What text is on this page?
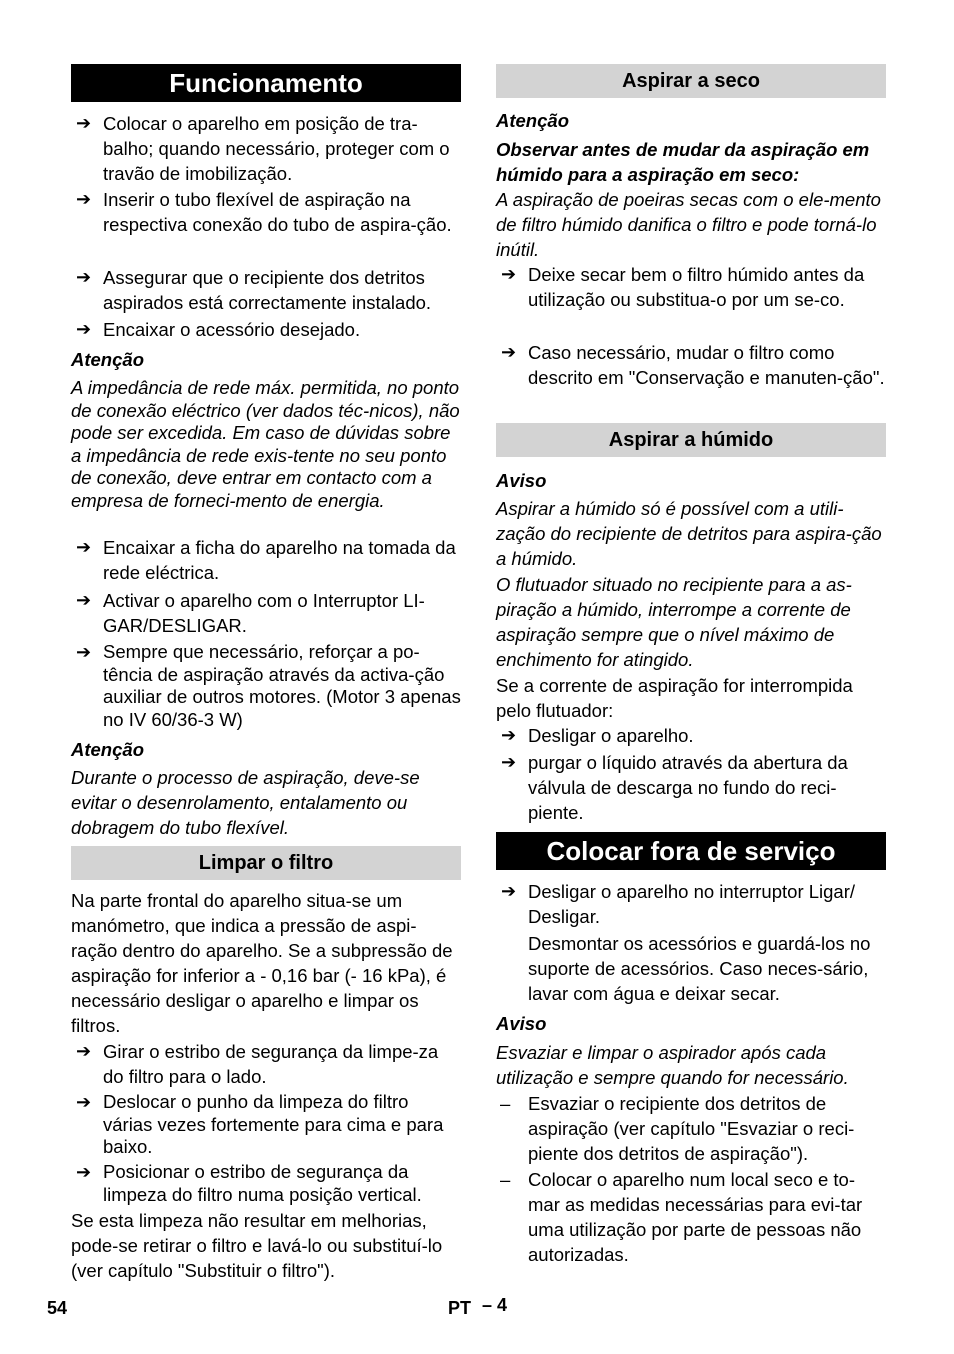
Funcionamento
➔ Colocar o aparelho em posição de tra-balho; quando necessário, proteger com o travão de imobilização.
➔ Inserir o tubo flexível de aspiração na respectiva conexão do tubo de aspira-ção.
➔ Assegurar que o recipiente dos detritos aspirados está correctamente instalado.
➔ Encaixar o acessório desejado.
Atenção
A impedância de rede máx. permitida, no ponto de conexão eléctrico (ver dados téc-nicos), não pode ser excedida. Em caso de dúvidas sobre a impedância de rede exis-tente no seu ponto de conexão, deve entrar em contacto com a empresa de forneci-mento de energia.
➔ Encaixar a ficha do aparelho na tomada da rede eléctrica.
➔ Activar o aparelho com o Interruptor LI-GAR/DESLIGAR.
➔ Sempre que necessário, reforçar a po-tência de aspiração através da activa-ção auxiliar de outros motores. (Motor 3 apenas no IV 60/36-3 W)
Atenção
Durante o processo de aspiração, deve-se evitar o desenrolamento, entalamento ou dobragem do tubo flexível.
Limpar o filtro
Na parte frontal do aparelho situa-se um manómetro, que indica a pressão de aspi-ração dentro do aparelho. Se a subpressão de aspiração for inferior a - 0,16 bar (- 16 kPa), é necessário desligar o aparelho e limpar os filtros.
➔ Girar o estribo de segurança da limpe-za do filtro para o lado.
➔ Deslocar o punho da limpeza do filtro várias vezes fortemente para cima e para baixo.
➔ Posicionar o estribo de segurança da limpeza do filtro numa posição vertical.
Se esta limpeza não resultar em melhorias, pode-se retirar o filtro e lavá-lo ou substituí-lo (ver capítulo "Substituir o filtro").
Aspirar a seco
Atenção
Observar antes de mudar da aspiração em húmido para a aspiração em seco:
A aspiração de poeiras secas com o ele-mento de filtro húmido danifica o filtro e pode torná-lo inútil.
➔ Deixe secar bem o filtro húmido antes da utilização ou substitua-o por um se-co.
➔ Caso necessário, mudar o filtro como descrito em "Conservação e manuten-ção".
Aspirar a húmido
Aviso
Aspirar a húmido só é possível com a utili-zação do recipiente de detritos para aspira-ção a húmido.
O flutuador situado no recipiente para a as-piração a húmido, interrompe a corrente de aspiração sempre que o nível máximo de enchimento for atingido.
Se a corrente de aspiração for interrompida pelo flutuador:
➔ Desligar o aparelho.
➔ purgar o líquido através da abertura da válvula de descarga no fundo do reci-piente.
Colocar fora de serviço
➔ Desligar o aparelho no interruptor Ligar/ Desligar.
Desmontar os acessórios e guardá-los no suporte de acessórios. Caso neces-sário, lavar com água e deixar secar.
Aviso
Esvaziar e limpar o aspirador após cada utilização e sempre quando for necessário.
– Esvaziar o recipiente dos detritos de aspiração (ver capítulo "Esvaziar o reci-piente dos detritos de aspiração").
– Colocar o aparelho num local seco e to-mar as medidas necessárias para evi-tar uma utilização por parte de pessoas não autorizadas.
54	PT – 4
